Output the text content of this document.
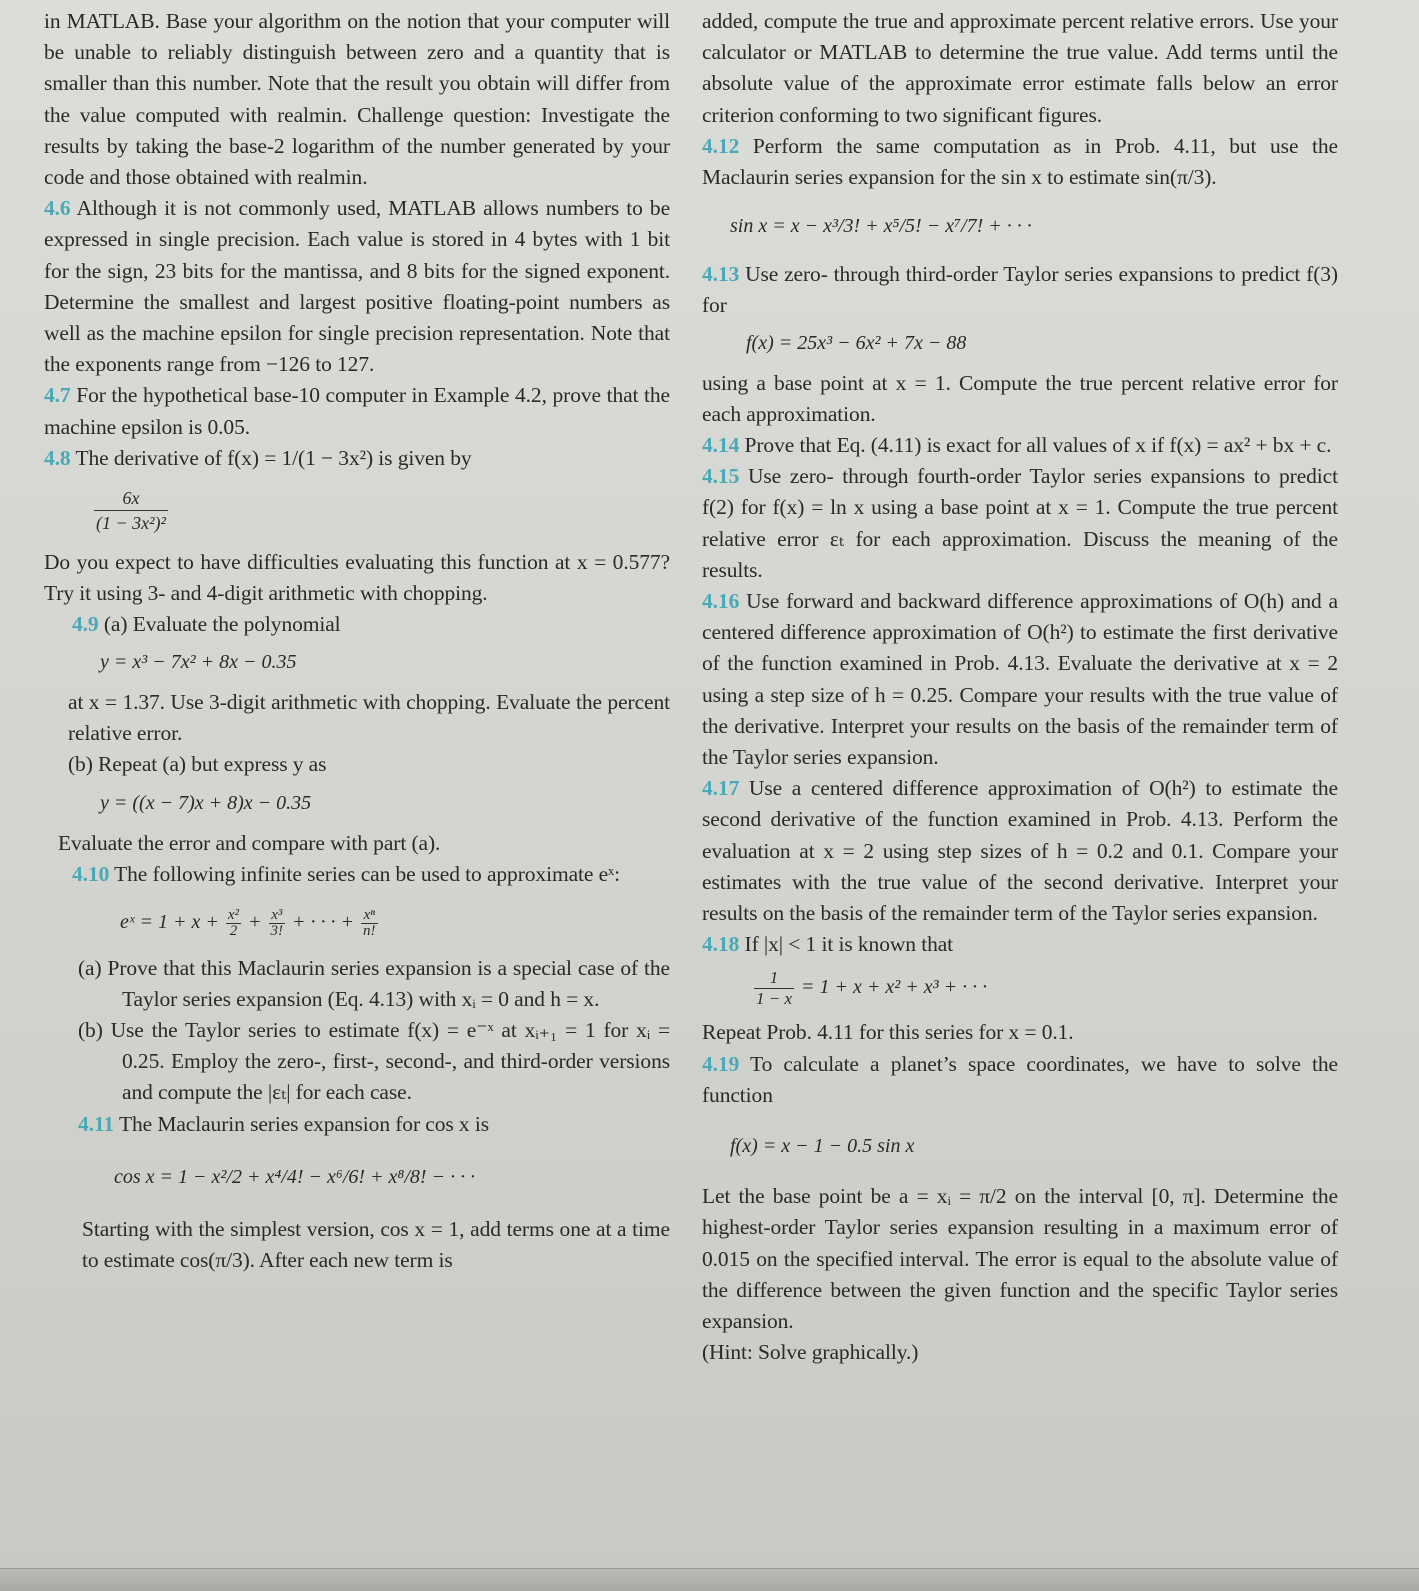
in MATLAB. Base your algorithm on the notion that your computer will be unable to reliably distinguish between zero and a quantity that is smaller than this number. Note that the result you obtain will differ from the value computed with realmin. Challenge question: Investigate the results by taking the base-2 logarithm of the number generated by your code and those obtained with realmin.

4.6 Although it is not commonly used, MATLAB allows numbers to be expressed in single precision. Each value is stored in 4 bytes with 1 bit for the sign, 23 bits for the mantissa, and 8 bits for the signed exponent. Determine the smallest and largest positive floating-point numbers as well as the machine epsilon for single precision representation. Note that the exponents range from −126 to 127.

4.7 For the hypothetical base-10 computer in Example 4.2, prove that the machine epsilon is 0.05.

4.8 The derivative of f(x) = 1/(1 − 3x²) is given by

$\frac{6x}{\text{(1 − 3x²)²}}$

Do you expect to have difficulties evaluating this function at x = 0.577? Try it using 3- and 4-digit arithmetic with chopping.

4.9 (a) Evaluate the polynomial

y = x³ − 7x² + 8x − 0.35

at x = 1.37. Use 3-digit arithmetic with chopping. Evaluate the percent relative error.

(b) Repeat (a) but express y as

y = ((x − 7)x + 8)x − 0.35

Evaluate the error and compare with part (a).

4.10 The following infinite series can be used to approximate eˣ:

eˣ = $1 + x + \frac{\text{x²}}{2} + \frac{\text{x³}}{3!}$ + · · · + $\frac{\text{xⁿ}}{n!}$

(a) Prove that this Maclaurin series expansion is a special case of the Taylor series expansion (Eq. 4.13) with xᵢ = 0 and h = x.

(b) Use the Taylor series to estimate f(x) = e⁻ˣ at xᵢ₊₁ = 1 for xᵢ = 0.25. Employ the zero-, first-, second-, and third-order versions and compute the |εₜ| for each case.

4.11 The Maclaurin series expansion for cos x is

cos x = 1 − x²/2 + x⁴/4! − x⁶/6! + x⁸/8! − · · ·

Starting with the simplest version, cos x = 1, add terms one at a time to estimate cos(π/3). After each new term is

added, compute the true and approximate percent relative errors. Use your calculator or MATLAB to determine the true value. Add terms until the absolute value of the approximate error estimate falls below an error criterion conforming to two significant figures.

4.12 Perform the same computation as in Prob. 4.11, but use the Maclaurin series expansion for the sin x to estimate sin(π/3).

sin x = x − x³/3! + x⁵/5! − x⁷/7! + · · ·

4.13 Use zero- through third-order Taylor series expansions to predict f(3) for

f(x) = 25x³ − 6x² + 7x − 88

using a base point at x = 1. Compute the true percent relative error for each approximation.

4.14 Prove that Eq. (4.11) is exact for all values of x if f(x) = ax² + bx + c.

4.15 Use zero- through fourth-order Taylor series expansions to predict f(2) for f(x) = ln x using a base point at x = 1. Compute the true percent relative error εₜ for each approximation. Discuss the meaning of the results.

4.16 Use forward and backward difference approximations of O(h) and a centered difference approximation of O(h²) to estimate the first derivative of the function examined in Prob. 4.13. Evaluate the derivative at x = 2 using a step size of h = 0.25. Compare your results with the true value of the derivative. Interpret your results on the basis of the remainder term of the Taylor series expansion.

4.17 Use a centered difference approximation of O(h²) to estimate the second derivative of the function examined in Prob. 4.13. Perform the evaluation at x = 2 using step sizes of h = 0.2 and 0.1. Compare your estimates with the true value of the second derivative. Interpret your results on the basis of the remainder term of the Taylor series expansion.

4.18 If |x| < 1 it is known that

$\frac{1}{1 - x} = 1 + x + x^2 + x^3$ + · · ·

Repeat Prob. 4.11 for this series for x = 0.1.

4.19 To calculate a planet’s space coordinates, we have to solve the function

f(x) = x − 1 − 0.5 sin x

Let the base point be a = xᵢ = π/2 on the interval [0, π]. Determine the highest-order Taylor series expansion resulting in a maximum error of 0.015 on the specified interval. The error is equal to the absolute value of the difference between the given function and the specific Taylor series expansion.

(Hint: Solve graphically.)
